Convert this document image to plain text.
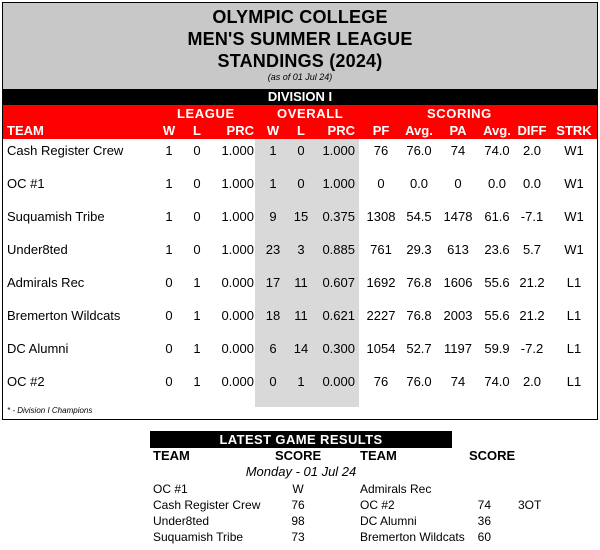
OLYMPIC COLLEGE
MEN'S SUMMER LEAGUE
STANDINGS (2024)
(as of 01 Jul 24)
DIVISION I
LEAGUE	OVERALL	SCORING
TEAM	W	L	PRC W	L	PRC	PF	Avg.	PA	Avg. DIFF STRK
Cash Register Crew	1	0	1.000	1	0	1.000	76	76.0	74	74.0	2.0	W1
OC #1	1	0	1.000	1	0	1.000	0	0.0	0	0.0	0.0	W1
Suquamish Tribe	1	0	1.000	9	15	0.375 1308 54.5 1478 61.6 -7.1	W1
Under8ted	1	0	1.000 23	3	0.885	761	29.3	613	23.6	5.7	W1
Admirals Rec	0	1	0.000 17	11	0.607 1692 76.8 1606 55.6 21.2	L1
Bremerton Wildcats	0	1	0.000 18	11	0.621 2227 76.8 2003 55.6 21.2	L1
DC Alumni	0	1	0.000	6	14	0.300 1054 52.7 1197 59.9 -7.2	L1
OC #2	0	1	0.000	0	1	0.000	76	76.0	74	74.0	2.0	L1
* - Division I Champions
LATEST GAME RESULTS
TEAM	SCORE	TEAM	SCORE
Monday - 01 Jul 24
OC #1	W	Admirals Rec
Cash Register Crew	76	OC #2	74 3OT
Under8ted	98	DC Alumni	36
Suquamish Tribe	73	Bremerton Wildcats	60
